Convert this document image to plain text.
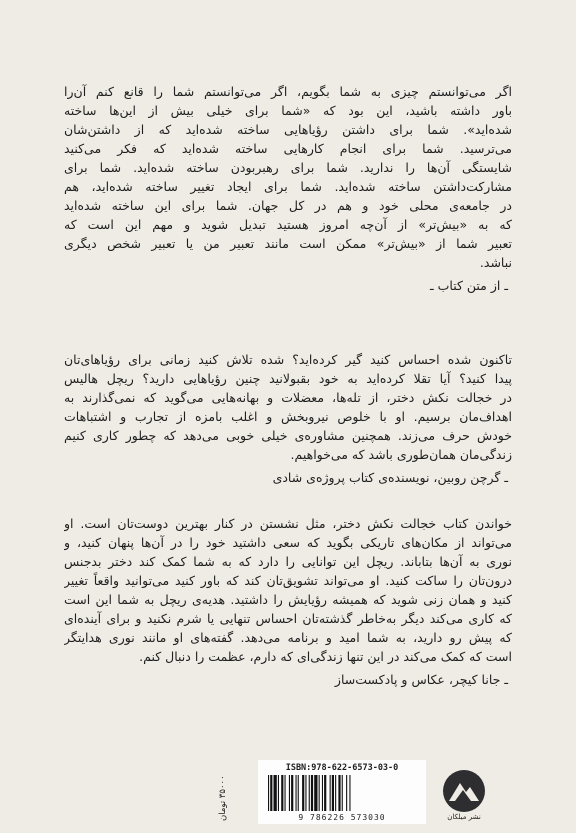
اگر می‌توانستم چیزی به شما بگویم، اگر می‌توانستم شما را قانع کنم آن‌را
باور داشته باشید، این بود که «شما برای خیلی بیش از این‌ها ساخته
شده‌اید». شما برای داشتن رؤیاهایی ساخته شده‌اید که از داشتن‌شان
می‌ترسید. شما برای انجام کارهایی ساخته شده‌اید که فکر می‌کنید
شایستگی آن‌ها را ندارید. شما برای رهبربودن ساخته شده‌اید. شما برای
مشارکت‌داشتن ساخته شده‌اید. شما برای ایجاد تغییر ساخته شده‌اید، هم
در جامعه‌ی محلی خود و هم در کل جهان. شما برای این ساخته شده‌اید
که به «بیش‌تر» از آن‌چه امروز هستید تبدیل شوید و مهم این است که
تعبیر شما از «بیش‌تر» ممکن است مانند تعبیر من یا تعبیر شخص دیگری
نباشد.
ـ از متن کتاب ـ
تاکنون شده احساس کنید گیر کرده‌اید؟ شده تلاش کنید زمانی برای رؤیاهای‌تان
پیدا کنید؟ آیا تقلا کرده‌اید به خود بقبولانید چنین رؤیاهایی دارید؟ ریچل هالیس
در خجالت نکش دختر، از تله‌ها، معضلات و بهانه‌هایی می‌گوید که نمی‌گذارند به
اهداف‌مان برسیم. او با خلوص نیروبخش و اغلب بامزه از تجارب و اشتباهات
خودش حرف می‌زند. همچنین مشاوره‌ی خیلی خوبی می‌دهد که چطور کاری کنیم
زندگی‌مان همان‌طوری باشد که می‌خواهیم.
ـ گرچن روبین، نویسنده‌ی کتاب پروژه‌ی شادی
خواندن کتاب خجالت نکش دختر، مثل نشستن در کنار بهترین دوست‌تان است. او
می‌تواند از مکان‌های تاریکی بگوید که سعی داشتید خود را در آن‌ها پنهان کنید، و
نوری به آن‌ها بتاباند. ریچل این توانایی را دارد که به شما کمک کند دختر بدجنس
درون‌تان را ساکت کنید. او می‌تواند تشویق‌تان کند که باور کنید می‌توانید واقعاً تغییر
کنید و همان زنی شوید که همیشه رؤیایش را داشتید. هدیه‌ی ریچل به شما این است
که کاری می‌کند دیگر به‌خاطر گذشته‌تان احساس تنهایی یا شرم نکنید و برای آینده‌ای
که پیش رو دارید، به شما امید و برنامه می‌دهد. گفته‌های او مانند نوری هدایتگر
است که کمک می‌کند در این تنها زندگی‌ای که دارم، عظمت را دنبال کنم.
ـ جانا کیچر، عکاس و پادکست‌ساز
۳۵۰۰۰ تومان
ISBN:978-622-6573-03-0
9 786226 573030	نشر میلکان
